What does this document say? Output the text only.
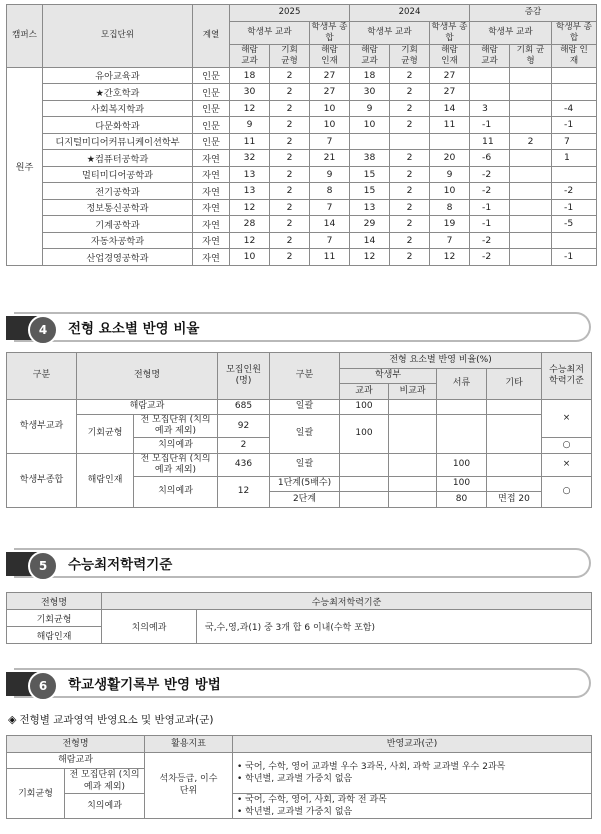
캠퍼스	모집단위	계열	2025			2024			증감		
			학생부 교과		학생부 종합	학생부 교과		학생부 종합	학생부 교과		학생부 종합
			해람 교과	기회 균형	해람 인재	해람 교과	기회 균형	해람 인재	해람 교과	기회 균형	해람 인재
원주	유아교육과	인문	18	2	27	18	2	27			
	★간호학과	인문	30	2	27	30	2	27			
	사회복지학과	인문	12	2	10	9	2	14	3		-4
	다문화학과	인문	9	2	10	10	2	11	-1		-1
	디지털미디어커뮤니케이션학부	인문	11	2	7				11	2	7
	★컴퓨터공학과	자연	32	2	21	38	2	20	-6		1
	멀티미디어공학과	자연	13	2	9	15	2	9	-2		
	전기공학과	자연	13	2	8	15	2	10	-2		-2
	정보통신공학과	자연	12	2	7	13	2	8	-1		-1
	기계공학과	자연	28	2	14	29	2	19	-1		-5
	자동차공학과	자연	12	2	7	14	2	7	-2		
	산업경영공학과	자연	10	2	11	12	2	12	-2		-1
4	전형 요소별 반영 비율
구분	전형명		모집인원 (명)	구분	전형 요소별 반영 비율(%)				수능최저 학력기준
					학생부		서류	기타	
					교과	비교과			
학생부교과	해람교과		685	일괄	100				×
	기회균형	전 모집단위 (치의예과 제외)	92	일괄	100				

		치의예과	2						○
학생부종합	해람인재	전 모집단위 (치의예과 제외)	436	일괄			100		×

		치의예과	12	1단계(5배수)			100		○
				2단계			80	면접 20	
5	수능최저학력기준
전형명	수능최저학력기준	
기회균형	치의예과	국,수,영,과(1) 중 3개 합 6 이내(수학 포함)
해람인재		
6	학교생활기록부 반영 방법
◈ 전형별 교과영역 반영요소 및 반영교과(군)
전형명		활용지표	반영교과(군)
해람교과		석차등급, 이수단위	• 국어, 수학, 영어 교과별 우수 3과목, 사회, 과학 교과별 우수 2과목
• 학년별, 교과별 가중치 없음

기회균형	전 모집단위 (치의예과 제외)		

	치의예과		• 국어, 수학, 영어, 사회, 과학 전 과목
• 학년별, 교과별 가중치 없음
